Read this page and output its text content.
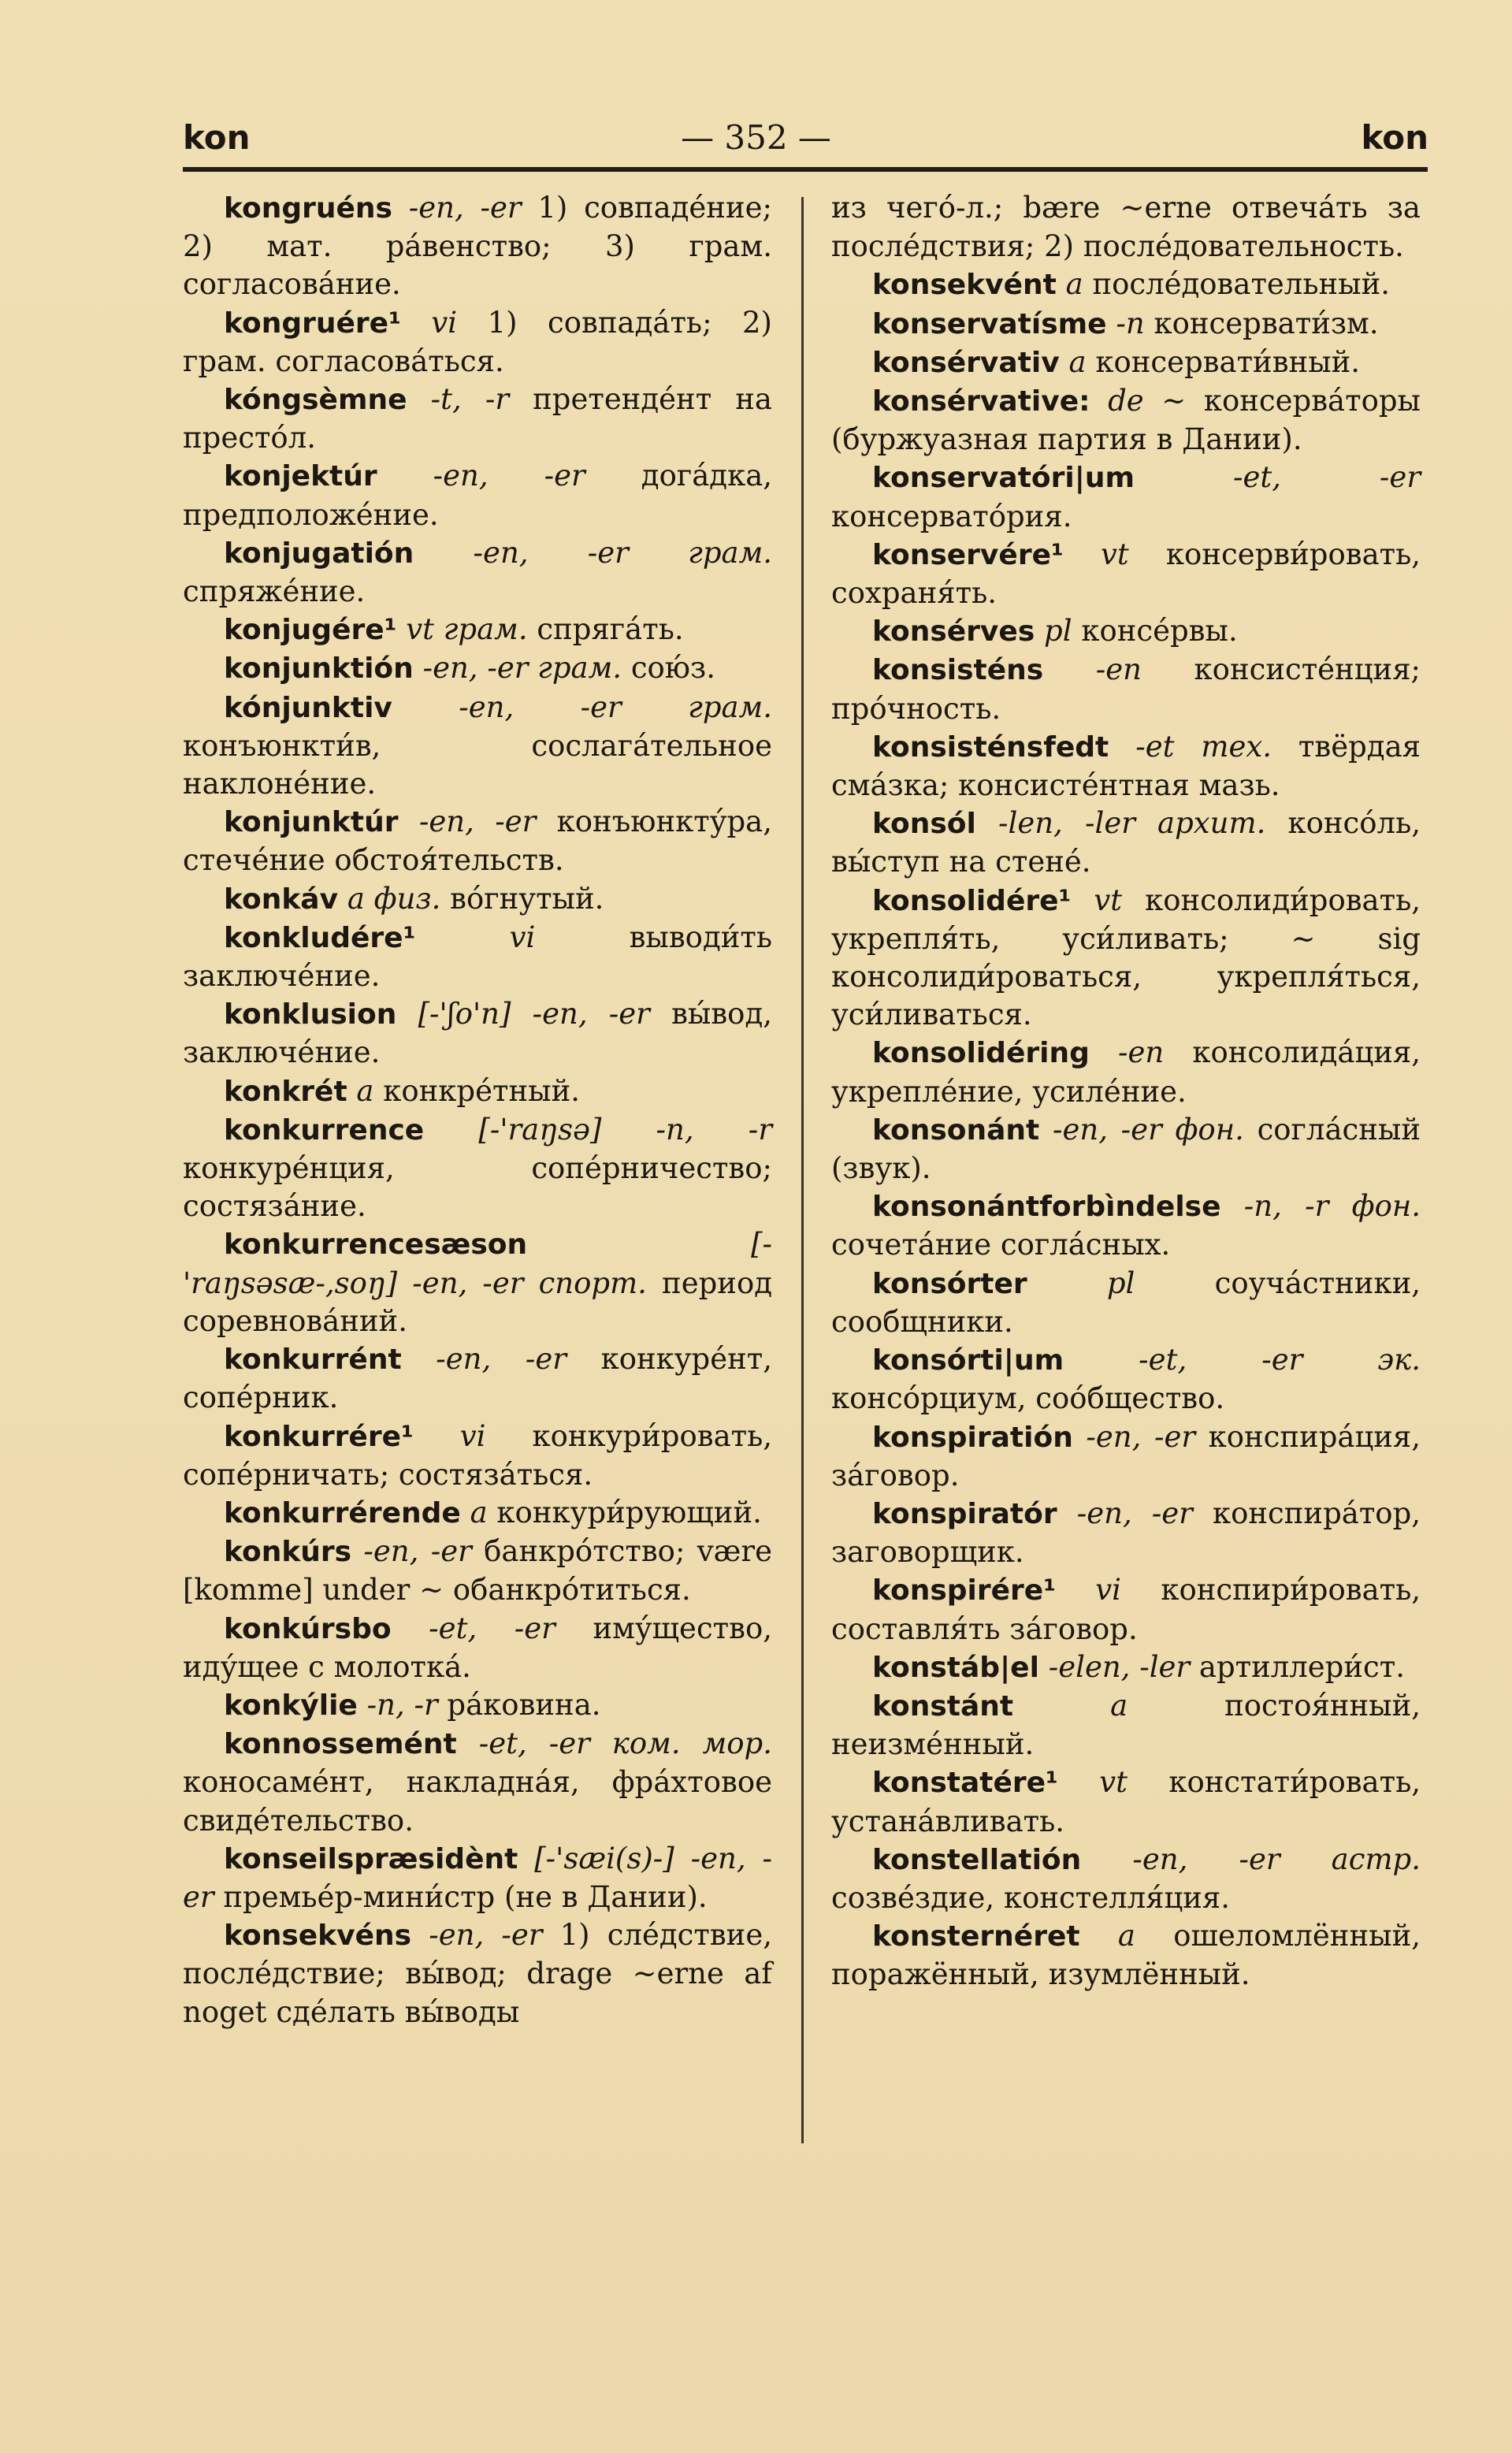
kon	— 352 —	kon

kongruéns -en, -er 1) совпаде́ние; 2) мат. ра́венство; 3) грам. согласова́ние.

kongruére¹ vi 1) совпада́ть; 2) грам. согласова́ться.

kóngsèmne -t, -r претенде́нт на престо́л.

konjektúr -en, -er дога́дка, предположе́ние.

konjugatión -en, -er грам. спряже́ние.

konjugére¹ vt грам. спряга́ть.

konjunktión -en, -er грам. сою́з.

kónjunktiv -en, -er грам. конъюнкти́в, сослага́тельное наклоне́ние.

konjunktúr -en, -er конъюнкту́ра, стече́ние обстоя́тельств.

konkáv a физ. во́гнутый.

konkludére¹	vi	выводи́ть заключе́ние.

konklusion [-'ʃo'n] -en, -er вы́вод, заключе́ние.

konkrét a конкре́тный.

konkurrence [-'raŋsə] -n, -r конкуре́нция, сопе́рничество; состяза́ние.

konkurrencesæson	[-'raŋsəsæ-,soŋ] -en, -er спорт. период соревнова́ний.

konkurrént -en, -er конкуре́нт, сопе́рник.

konkurrére¹ vi конкури́ровать, сопе́рничать; состяза́ться.

konkurrérende a конкури́рующий.

konkúrs -en, -er банкро́тство; være [komme] under ~ обанкро́титься.

konkúrsbo -et, -er иму́щество, иду́щее с молотка́.

konkýlie -n, -r ра́ковина.

konnossemént -et, -er ком. мор. коносаме́нт, накладна́я, фра́хтовое свиде́тельство.

konseilspræsidènt [-'sæi(s)-] -en, -er премье́р-мини́стр (не в Дании).

konsekvéns -en, -er 1) сле́дствие, после́дствие; вы́вод; drage ~erne af noget сде́лать вы́воды

из чего́-л.; bære ~erne отвеча́ть за после́дствия; 2) после́довательность.

konsekvént a после́довательный.

konservatísme -n консервати́зм.

konsérvativ a консервати́вный.

konsérvative: de ~ консерва́торы (буржуазная партия в Дании).

konservatóri|um	-et, -er консервато́рия.

konservére¹ vt консерви́ровать, сохраня́ть.

konsérves pl консе́рвы.

konsisténs -en консисте́нция; про́чность.

konsisténsfedt -et тех. твёрдая сма́зка; консисте́нтная мазь.

konsól -len, -ler архит. консо́ль, вы́ступ на стене́.

konsolidére¹ vt консолиди́ровать, укрепля́ть, уси́ливать; ~ sig консолиди́роваться, укрепля́ться, уси́ливаться.

konsolidéring -en консолида́ция, укрепле́ние, усиле́ние.

konsonánt -en, -er фон. согла́сный (звук).

konsonántforbìndelse -n, -r фон. сочета́ние согла́сных.

konsórter	pl	соуча́стники, сообщники.

konsórti|um	-et, -er эк. консо́рциум, соо́бщество.

konspiratión -en, -er конспира́ция, за́говор.

konspiratór -en, -er конспира́тор, заговорщик.

konspirére¹ vi конспири́ровать, составля́ть за́говор.

konstáb|el -elen, -ler артиллери́ст.

konstánt	a	постоя́нный, неизме́нный.

konstatére¹ vt констати́ровать, устана́вливать.

konstellatión -en, -er астр. созве́здие, констелля́ция.

konsternéret a ошеломлённый, поражённый, изумлённый.
